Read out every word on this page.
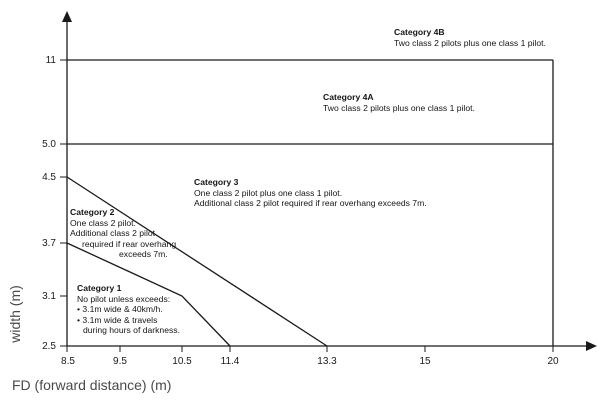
2.5
3.1
3.7
4.5
5.0
11
8.5	9.5	10.5	11.4	13.3	15	20
FD (forward distance) (m)
width (m)
Category 4B
Two class 2 pilots plus one class 1 pilot.
Category 4A
Two class 2 pilots plus one class 1 pilot.
Category 3
One class 2 pilot plus one class 1 pilot.
Additional class 2 pilot required if rear overhang exceeds 7m.
Category 2
One class 2 pilot.
Additional class 2 pilot
required if rear overhang
exceeds 7m.
Category 1
No pilot unless exceeds:
• 3.1m wide & 40km/h.
• 3.1m wide & travels
during hours of darkness.
